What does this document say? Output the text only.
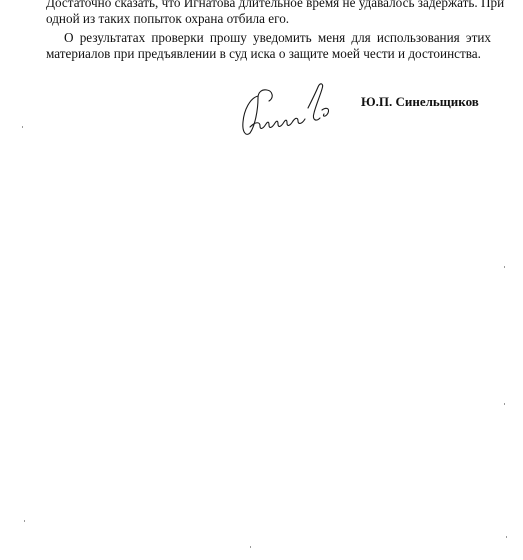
Достаточно сказать, что Игнатова длительное время не удавалось задержать. При
одной из таких попыток охрана отбила его.
О результатах проверки прошу уведомить меня для использования этих
материалов при предъявлении в суд иска о защите моей чести и достоинства.
Ю.П. Синельщиков
